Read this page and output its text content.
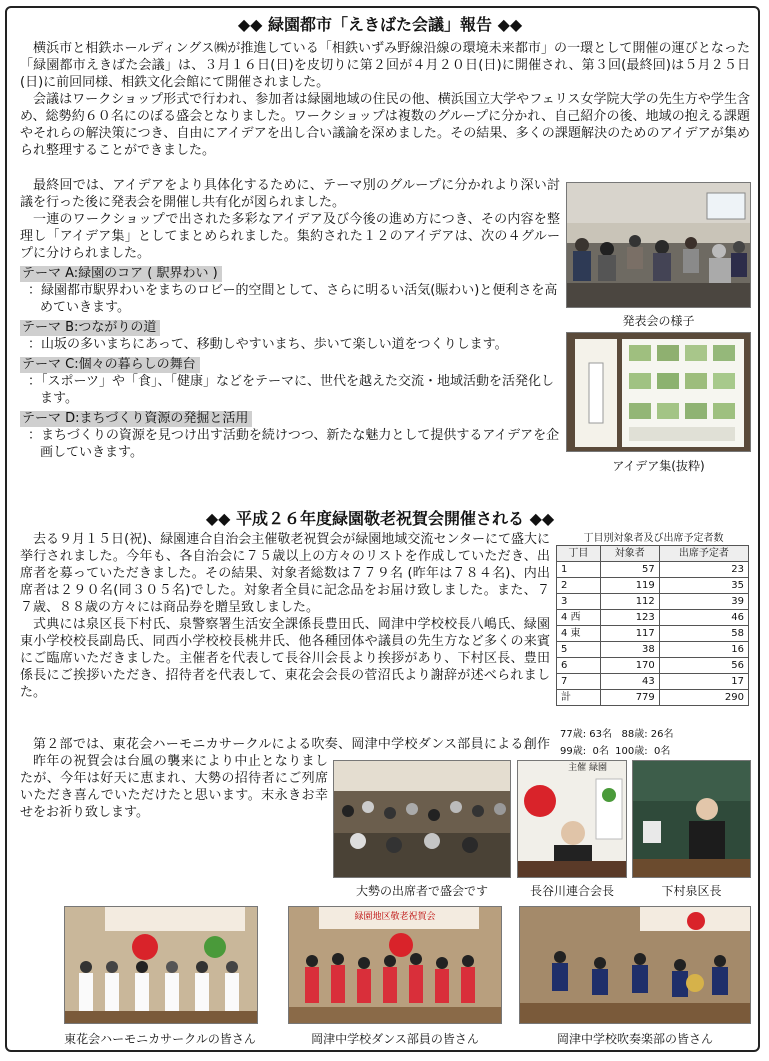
◆◆ 緑園都市「えきばた会議」報告 ◆◆

横浜市と相鉄ホールディングス㈱が推進している「相鉄いずみ野線沿線の環境未来都市」の一環として開催の運びとなった「緑園都市えきばた会議」は、３月１６日(日)を皮切りに第２回が４月２０日(日)に開催され、第３回(最終回)は５月２５日(日)に前回同様、相鉄文化会館にて開催されました。

会議はワークショップ形式で行われ、参加者は緑園地域の住民の他、横浜国立大学やフェリス女学院大学の先生方や学生含め、総勢約６０名にのぼる盛会となりました。ワークショップは複数のグループに分かれ、自己紹介の後、地域の抱える課題やそれらの解決策につき、自由にアイデアを出し合い議論を深めました。その結果、多くの課題解決のためのアイデアが集められ整理することができました。

最終回では、アイデアをより具体化するために、テーマ別のグループに分かれより深い討議を行った後に発表会を開催し共有化が図られました。

一連のワークショップで出された多彩なアイデア及び今後の進め方につき、その内容を整理し「アイデア集」としてまとめられました。集約された１２のアイデアは、次の４グループに分けられました。

テーマ A:緑園のコア ( 駅界わい )

：緑園都市駅界わいをまちのロビー的空間として、さらに明るい活気(賑わい)と便利さを高めていきます。

テーマ B:つながりの道

：山坂の多いまちにあって、移動しやすいまち、歩いて楽しい道をつくりします。

テーマ C:個々の暮らしの舞台

：「スポーツ」や「食」、「健康」などをテーマに、世代を越えた交流・地域活動を活発化します。

テーマ D:まちづくり資源の発掘と活用

：まちづくりの資源を見つけ出す活動を続けつつ、新たな魅力として提供するアイデアを企画していきます。

発表会の様子
アイデア集(抜粋)
◆◆ 平成２６年度緑園敬老祝賀会開催される ◆◆

去る９月１５日(祝)、緑園連合自治会主催敬老祝賀会が緑園地域交流センターにて盛大に挙行されました。今年も、各自治会に７５歳以上の方々のリストを作成していただき、出席者を募っていただきました。その結果、対象者総数は７７９名 (昨年は７８４名)、内出席者は２９０名(同３０５名)でした。対象者全員に記念品をお届け致しました。また、７７歳、８８歳の方々には商品券を贈呈致しました。

式典には泉区長下村氏、泉警察署生活安全課係長豊田氏、岡津中学校校長八嶋氏、緑園東小学校校長副島氏、同西小学校校長桃井氏、他各種団体や議員の先生方など多くの来賓にご臨席いただきました。主催者を代表して長谷川会長より挨拶があり、下村区長、豊田係長にご挨拶いただき、招待者を代表して、東花会会長の菅沼氏より謝辞が述べられました。

第２部では、東花会ハーモニカサークルによる吹奏、岡津中学校ダンス部員による創作

昨年の祝賀会は台風の襲来により中止となりましたが、今年は好天に恵まれ、大勢の招待者にご列席いただき喜んでいただけたと思います。末永きお幸せをお祈り致します。

丁目別対象者及び出席予定者数
丁目	対象者	出席予定者
1	57	23
2	119	35
3	112	39
4 西	123	46
4 東	117	58
5	38	16
6	170	56
7	43	17
計	779	290
77歳: 63名   88歳: 26名
99歳:  0名  100歳:  0名
大勢の出席者で盛会です
主催 緑園
長谷川連合会長	下村泉区長
東花会ハーモニカサークルの皆さん
緑園地区敬老祝賀会
岡津中学校ダンス部員の皆さん	岡津中学校吹奏楽部の皆さん
